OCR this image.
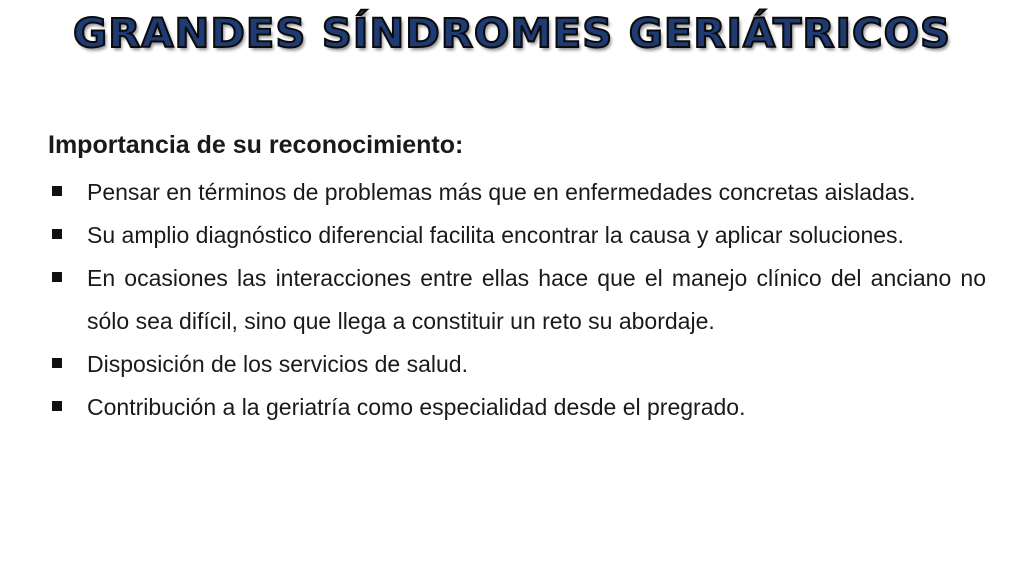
GRANDES SÍNDROMES GERIÁTRICOS
Importancia de su reconocimiento:
Pensar en términos de problemas más que en enfermedades concretas aisladas.
Su amplio diagnóstico diferencial facilita encontrar la causa y aplicar soluciones.
En ocasiones las interacciones entre ellas hace que el manejo clínico del anciano no sólo sea difícil, sino que llega a constituir un reto su abordaje.
Disposición de los servicios de salud.
Contribución a la geriatría como especialidad desde el pregrado.
